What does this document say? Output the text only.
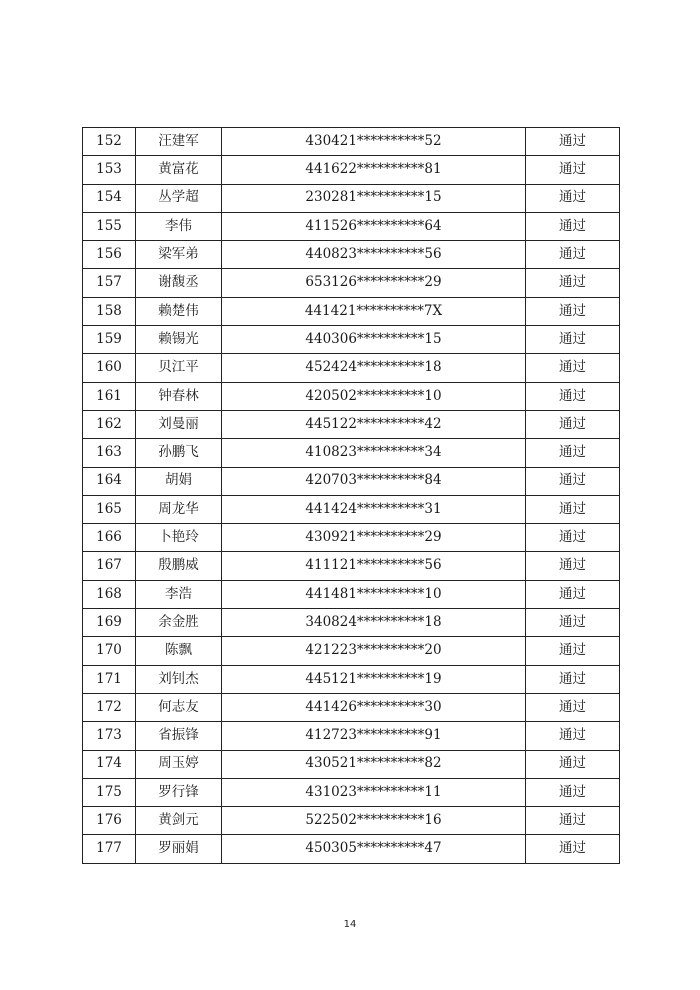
152	汪建军	430421**********52	通过
153	黄富花	441622**********81	通过
154	丛学超	230281**********15	通过
155	李伟	411526**********64	通过
156	梁军弟	440823**********56	通过
157	谢馥丞	653126**********29	通过
158	赖楚伟	441421**********7X	通过
159	赖锡光	440306**********15	通过
160	贝江平	452424**********18	通过
161	钟春林	420502**********10	通过
162	刘曼丽	445122**********42	通过
163	孙鹏飞	410823**********34	通过
164	胡娟	420703**********84	通过
165	周龙华	441424**********31	通过
166	卜艳玲	430921**********29	通过
167	殷鹏威	411121**********56	通过
168	李浩	441481**********10	通过
169	余金胜	340824**********18	通过
170	陈飘	421223**********20	通过
171	刘钊杰	445121**********19	通过
172	何志友	441426**********30	通过
173	省振锋	412723**********91	通过
174	周玉婷	430521**********82	通过
175	罗行锋	431023**********11	通过
176	黄剑元	522502**********16	通过
177	罗丽娟	450305**********47	通过
14
